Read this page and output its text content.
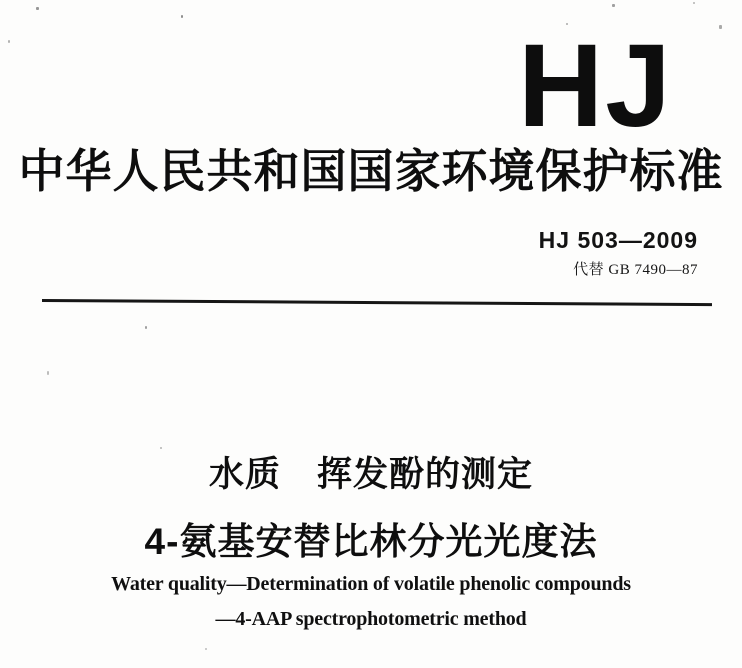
HJ
中华人民共和国国家环境保护标准
HJ 503—2009
代替 GB 7490—87
水质　挥发酚的测定
4-氨基安替比林分光光度法
Water quality—Determination of volatile phenolic compounds
—4-AAP spectrophotometric method
